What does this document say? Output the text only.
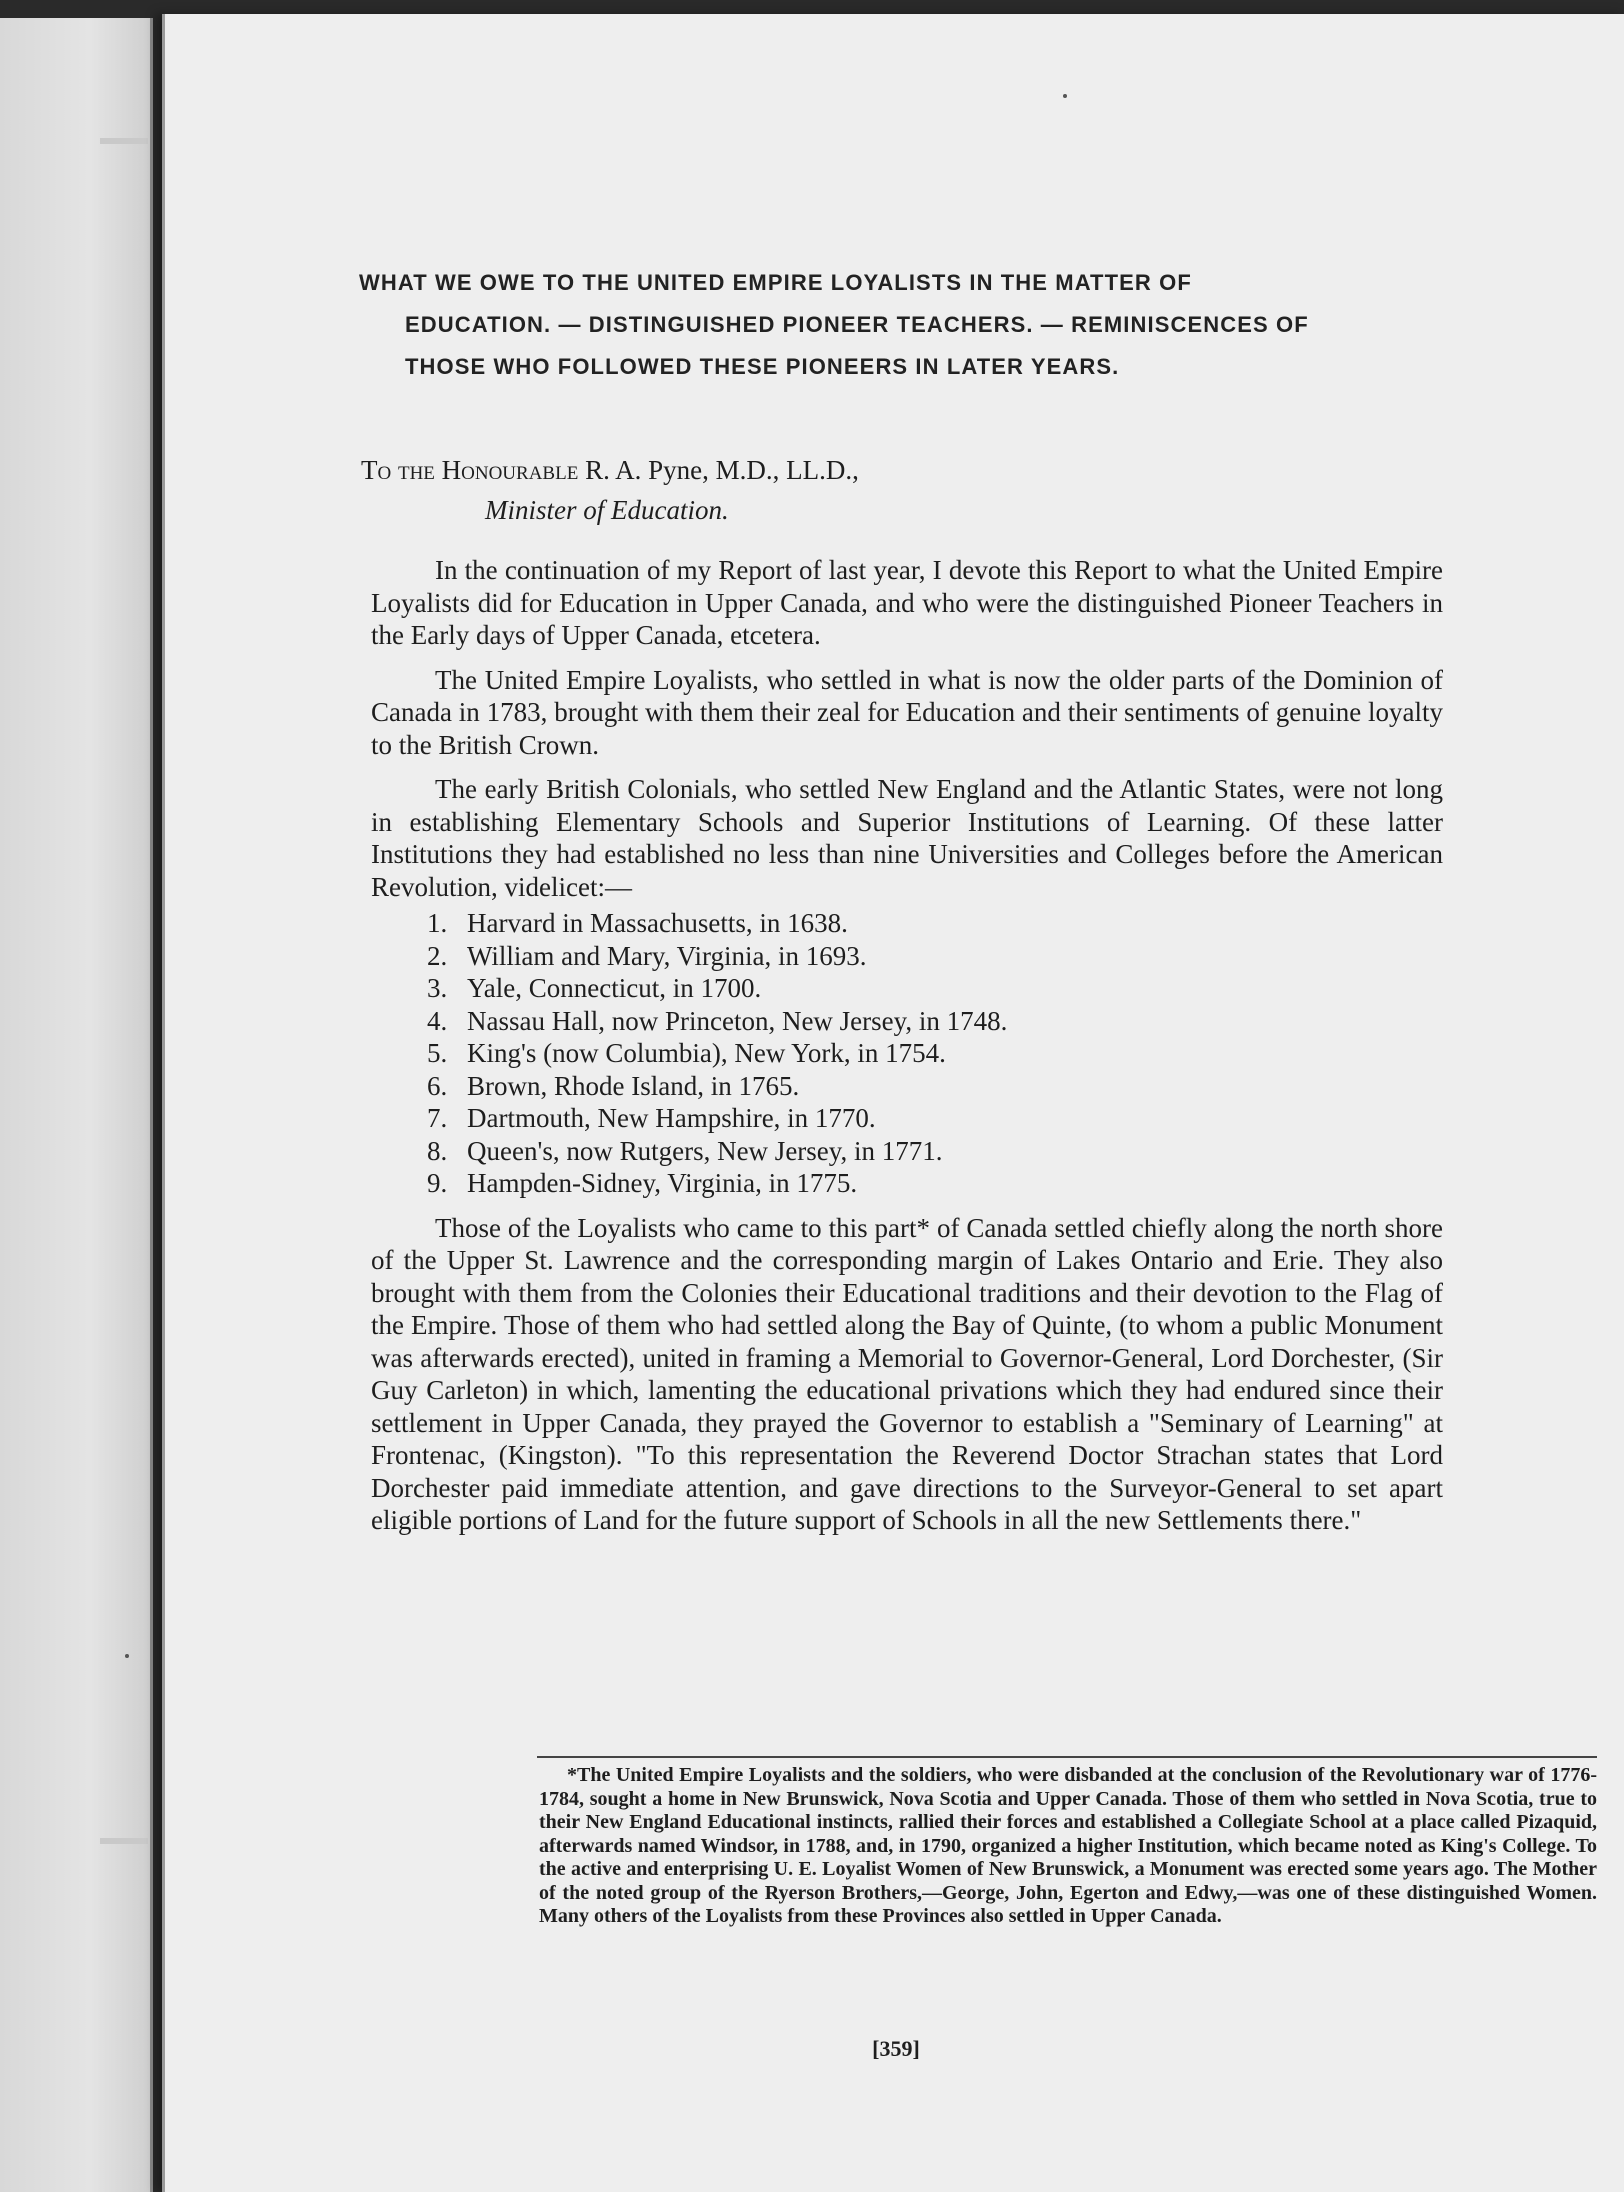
WHAT WE OWE TO THE UNITED EMPIRE LOYALISTS IN THE MATTER OF
EDUCATION. — DISTINGUISHED PIONEER TEACHERS. — REMINISCENCES OF
THOSE WHO FOLLOWED THESE PIONEERS IN LATER YEARS.

To the Honourable R. A. Pyne, M.D., LL.D.,
Minister of Education.

In the continuation of my Report of last year, I devote this Report to what the United Empire Loyalists did for Education in Upper Canada, and who were the distinguished Pioneer Teachers in the Early days of Upper Canada, etcetera.

The United Empire Loyalists, who settled in what is now the older parts of the Dominion of Canada in 1783, brought with them their zeal for Education and their sentiments of genuine loyalty to the British Crown.

The early British Colonials, who settled New England and the Atlantic States, were not long in establishing Elementary Schools and Superior Institutions of Learning. Of these latter Institutions they had established no less than nine Universities and Colleges before the American Revolution, videlicet:—

1. Harvard in Massachusetts, in 1638.
2. William and Mary, Virginia, in 1693.
3. Yale, Connecticut, in 1700.
4. Nassau Hall, now Princeton, New Jersey, in 1748.
5. King's (now Columbia), New York, in 1754.
6. Brown, Rhode Island, in 1765.
7. Dartmouth, New Hampshire, in 1770.
8. Queen's, now Rutgers, New Jersey, in 1771.
9. Hampden-Sidney, Virginia, in 1775.

Those of the Loyalists who came to this part* of Canada settled chiefly along the north shore of the Upper St. Lawrence and the corresponding margin of Lakes Ontario and Erie. They also brought with them from the Colonies their Educational traditions and their devotion to the Flag of the Empire. Those of them who had settled along the Bay of Quinte, (to whom a public Monument was afterwards erected), united in framing a Memorial to Governor-General, Lord Dorchester, (Sir Guy Carleton) in which, lamenting the educational privations which they had endured since their settlement in Upper Canada, they prayed the Governor to establish a "Seminary of Learning" at Frontenac, (Kingston). "To this representation the Reverend Doctor Strachan states that Lord Dorchester paid immediate attention, and gave directions to the Surveyor-General to set apart eligible portions of Land for the future support of Schools in all the new Settlements there."

*The United Empire Loyalists and the soldiers, who were disbanded at the conclusion of the Revolutionary war of 1776-1784, sought a home in New Brunswick, Nova Scotia and Upper Canada. Those of them who settled in Nova Scotia, true to their New England Educational instincts, rallied their forces and established a Collegiate School at a place called Pizaquid, afterwards named Windsor, in 1788, and, in 1790, organized a higher Institution, which became noted as King's College. To the active and enterprising U. E. Loyalist Women of New Brunswick, a Monument was erected some years ago. The Mother of the noted group of the Ryerson Brothers,—George, John, Egerton and Edwy,—was one of these distinguished Women. Many others of the Loyalists from these Provinces also settled in Upper Canada.

[359]
